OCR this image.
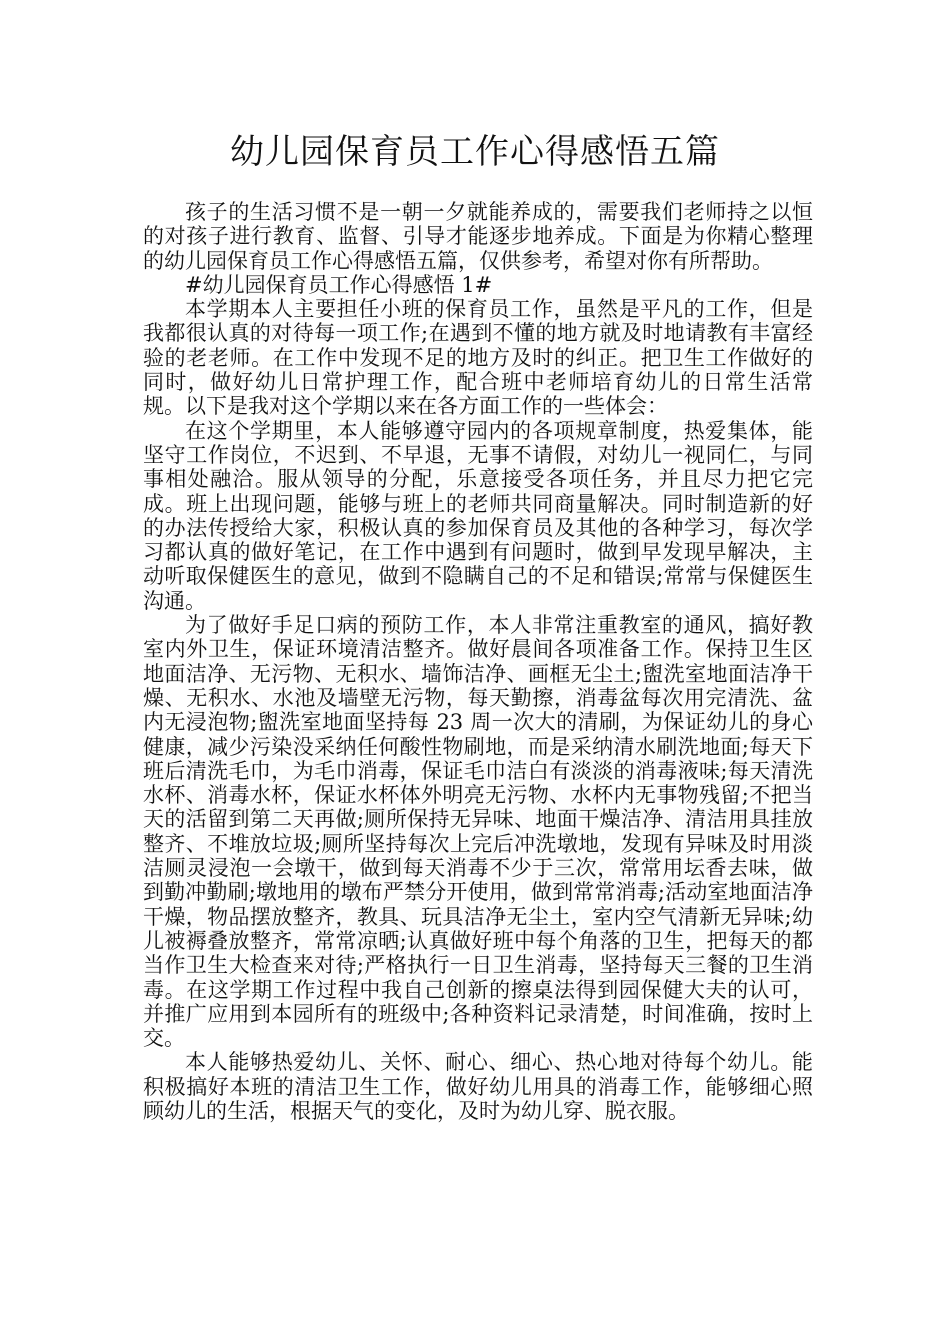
幼儿园保育员工作心得感悟五篇

孩子的生活习惯不是一朝一夕就能养成的，需要我们老师持之以恒的对孩子进行教育、监督、引导才能逐步地养成。下面是为你精心整理的幼儿园保育员工作心得感悟五篇，仅供参考，希望对你有所帮助。

#幼儿园保育员工作心得感悟 1#

本学期本人主要担任小班的保育员工作，虽然是平凡的工作，但是我都很认真的对待每一项工作;在遇到不懂的地方就及时地请教有丰富经验的老老师。在工作中发现不足的地方及时的纠正。把卫生工作做好的同时，做好幼儿日常护理工作，配合班中老师培育幼儿的日常生活常规。以下是我对这个学期以来在各方面工作的一些体会：

在这个学期里，本人能够遵守园内的各项规章制度，热爱集体，能坚守工作岗位，不迟到、不早退，无事不请假，对幼儿一视同仁，与同事相处融洽。服从领导的分配，乐意接受各项任务，并且尽力把它完成。班上出现问题，能够与班上的老师共同商量解决。同时制造新的好的办法传授给大家，积极认真的参加保育员及其他的各种学习，每次学习都认真的做好笔记，在工作中遇到有问题时，做到早发现早解决，主动听取保健医生的意见，做到不隐瞒自己的不足和错误;常常与保健医生沟通。

为了做好手足口病的预防工作，本人非常注重教室的通风，搞好教室内外卫生，保证环境清洁整齐。做好晨间各项准备工作。保持卫生区地面洁净、无污物、无积水、墙饰洁净、画框无尘土;盥洗室地面洁净干燥、无积水、水池及墙壁无污物，每天勤擦，消毒盆每次用完清洗、盆内无浸泡物;盥洗室地面坚持每 23 周一次大的清刷，为保证幼儿的身心健康，减少污染没采纳任何酸性物刷地，而是采纳清水刷洗地面;每天下班后清洗毛巾，为毛巾消毒，保证毛巾洁白有淡淡的消毒液味;每天清洗水杯、消毒水杯，保证水杯体外明亮无污物、水杯内无事物残留;不把当天的活留到第二天再做;厕所保持无异味、地面干燥洁净、清洁用具挂放整齐、不堆放垃圾;厕所坚持每次上完后冲洗墩地，发现有异味及时用淡洁厕灵浸泡一会墩干，做到每天消毒不少于三次，常常用坛香去味，做到勤冲勤刷;墩地用的墩布严禁分开使用，做到常常消毒;活动室地面洁净干燥，物品摆放整齐，教具、玩具洁净无尘土，室内空气清新无异味;幼儿被褥叠放整齐，常常凉晒;认真做好班中每个角落的卫生，把每天的都当作卫生大检查来对待;严格执行一日卫生消毒，坚持每天三餐的卫生消毒。在这学期工作过程中我自己创新的擦桌法得到园保健大夫的认可，并推广应用到本园所有的班级中;各种资料记录清楚，时间准确，按时上交。

本人能够热爱幼儿、关怀、耐心、细心、热心地对待每个幼儿。能积极搞好本班的清洁卫生工作，做好幼儿用具的消毒工作，能够细心照顾幼儿的生活，根据天气的变化，及时为幼儿穿、脱衣服。
